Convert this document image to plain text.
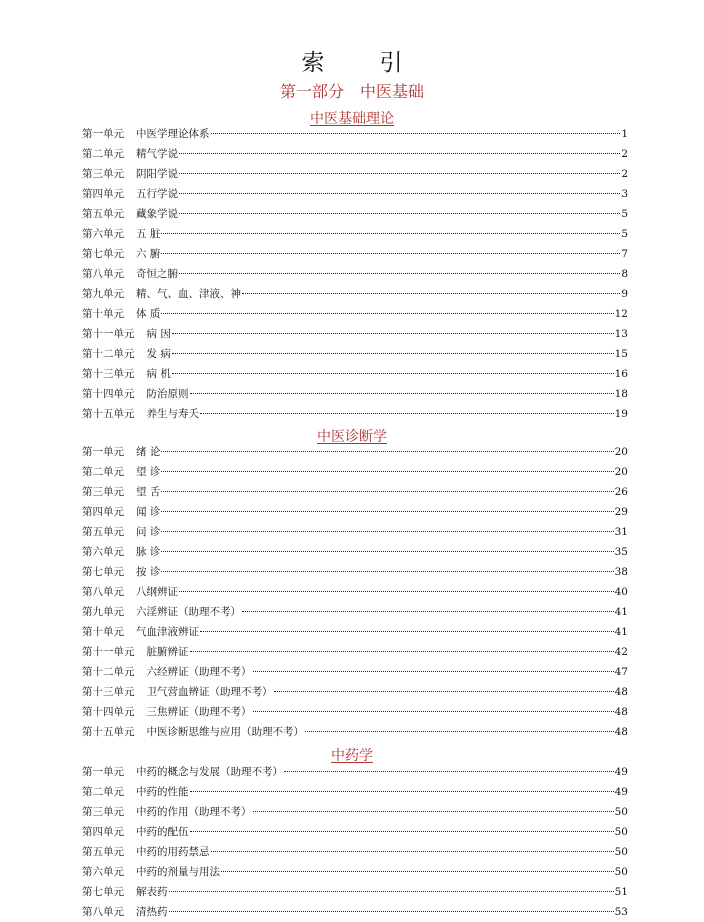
索　引
第一部分　中医基础
中医基础理论
第一单元 中医学理论体系	1
第二单元 精气学说	2
第三单元 阴阳学说	2
第四单元 五行学说	3
第五单元 藏象学说	5
第六单元 五 脏	5
第七单元 六 腑	7
第八单元 奇恒之腑	8
第九单元 精、气、血、津液、神	9
第十单元 体 质	12
第十一单元 病 因	13
第十二单元 发 病	15
第十三单元 病 机	16
第十四单元 防治原则	18
第十五单元 养生与寿夭	19
中医诊断学
第一单元 绪 论	20
第二单元 望 诊	20
第三单元 望 舌	26
第四单元 闻 诊	29
第五单元 问 诊	31
第六单元 脉 诊	35
第七单元 按 诊	38
第八单元 八纲辨证	40
第九单元 六淫辨证（助理不考）	41
第十单元 气血津液辨证	41
第十一单元 脏腑辨证	42
第十二单元 六经辨证（助理不考）	47
第十三单元 卫气营血辨证（助理不考）	48
第十四单元 三焦辨证（助理不考）	48
第十五单元 中医诊断思维与应用（助理不考）	48
中药学
第一单元 中药的概念与发展（助理不考）	49
第二单元 中药的性能	49
第三单元 中药的作用（助理不考）	50
第四单元 中药的配伍	50
第五单元 中药的用药禁忌	50
第六单元 中药的剂量与用法	50
第七单元 解表药	51
第八单元 清热药	53
